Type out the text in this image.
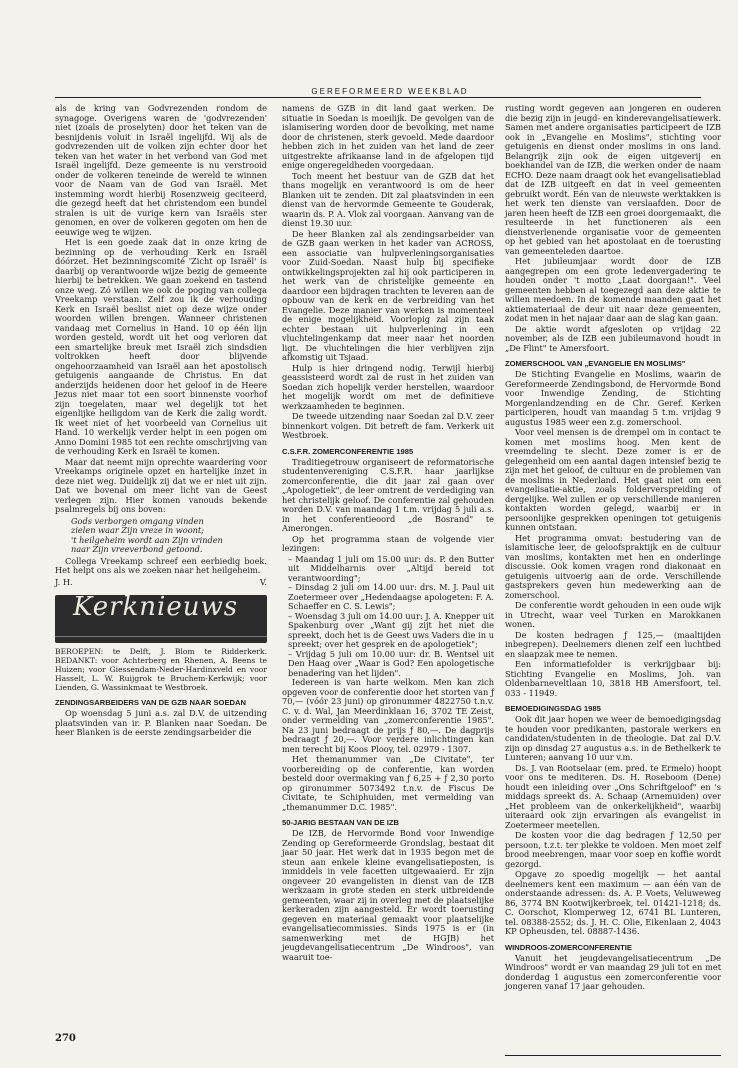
GEREFORMEERD WEEKBLAD

als de kring van Godvrezenden rondom de synagoge. Overigens waren de 'godvrezenden' niet (zoals de proselyten) door het teken van de besnijdenis voluit in Israël ingelijfd. Wij als de godvrezenden uit de volken zijn echter door het teken van het water in het verbond van God met Israël ingelijfd. Deze gemeente is nu verstrooid onder de volkeren teneinde de wereld te winnen voor de Naam van de God van Israël. Met instemming wordt hierbij Rosenzweig geciteerd, die gezegd heeft dat het christendom een bundel stralen is uit de vurige kern van Israëls ster genomen, en over de volkeren gegoten om hen de eeuwige weg te wijzen.

Het is een goede zaak dat in onze kring de bezinning op de verhouding Kerk en Israël dóórzet. Het bezinningscomité 'Zicht op Israël' is daarbij op verantwoorde wijze bezig de gemeente hierbij te betrekken. We gaan zoekend en tastend onze weg. Zó willen we ook de poging van collega Vreekamp verstaan. Zelf zou ik de verhouding Kerk en Israël beslist niet op deze wijze onder woorden willen brengen. Wanneer christenen vandaag met Cornelius in Hand. 10 op één lijn worden gesteld, wordt uit het oog verloren dat een smartelijke breuk met Israël zich sindsdien voltrokken heeft door blijvende ongehoorzaamheid van Israël aan het apostolisch getuigenis aangaande de Christus. En dat anderzijds heidenen door het geloof in de Heere Jezus niet maar tot een soort binnenste voorhof zijn toegelaten, maar wel degelijk tot het eigenlijke heiligdom van de Kerk die zalig wordt. Ik weet niet of het voorbeeld van Cornelius uit Hand. 10 werkelijk verder helpt in een pogen om Anno Domini 1985 tot een rechte omschrijving van de verhouding Kerk en Israël te komen.

Maar dat neemt mijn oprechte waardering voor Vreekamps originele opzet en hartelijke inzet in deze niet weg. Duidelijk zij dat we er niet uit zijn. Dat we bovenal om meer licht van de Geest verlegen zijn. Hier komen vanouds bekende psalmregels bij ons boven:

Gods verborgen omgang vinden
zielen waar Zijn vreze in woont;
't heilgeheim wordt aan Zijn vrinden
naar Zijn vreeverbond getoond.

Collega Vreekamp schreef een eerbiedig boek. Het helpt ons als we zoeken naar het heilgeheim.

J. H.	V.
Kerknieuws

BEROEPEN: te Delft, J. Blom te Ridderkerk. BEDANKT: voor Achterberg en Rhenen, A. Beens te Huizen; voor Giessendam-Neder-Hardinxveld en voor Hasselt, L. W. Ruijgrok te Bruchem-Kerkwijk; voor Lienden, G. Wassinkmaat te Westbroek.

ZENDINGSARBEIDERS VAN DE GZB NAAR SOEDAN

Op woensdag 5 juni a.s. zal D.V. de uitzending plaatsvinden van ir. P. Blanken naar Soedan. De heer Blanken is de eerste zendingsarbeider die

namens de GZB in dit land gaat werken. De situatie in Soedan is moeilijk. De gevolgen van de islamisering worden door de bevolking, met name door de christenen, sterk gevoeld. Mede daardoor hebben zich in het zuiden van het land de zeer uitgestrekte afrikaanse land in de afgelopen tijd enige ongeregeldheden voorgedaan.

Toch meent het bestuur van de GZB dat het thans mogelijk en verantwoord is om de heer Blanken uit te zenden. Dit zal plaatsvinden in een dienst van de hervormde Gemeente te Gouderak, waarin ds. P. A. Vlok zal voorgaan. Aanvang van de dienst 19.30 uur.

De heer Blanken zal als zendingsarbeider van de GZB gaan werken in het kader van ACROSS, een associatie van hulpverleningsorganisaties voor Zuid-Soedan. Naast hulp bij specifieke ontwikkelingsprojekten zal hij ook participeren in het werk van de christelijke gemeente en daardoor een bijdragen trachten te leveren aan de opbouw van de kerk en de verbreiding van het Evangelie. Deze manier van werken is momenteel de enige mogelijkheid. Voorlopig zal zijn taak echter bestaan uit hulpverlening in een vluchtelingenkamp dat meer naar het noorden ligt. De vluchtelingen die hier verblijven zijn afkomstig uit Tsjaad.

Hulp is hier dringend nodig. Terwijl hierbij geassisteerd wordt zal de rust in het zuiden van Soedan zich hopelijk verder herstellen, waardoor het mogelijk wordt om met de definitieve werkzaamheden te beginnen.

De tweede uitzending naar Soedan zal D.V. zeer binnenkort volgen. Dit betreft de fam. Verkerk uit Westbroek.

C.S.F.R. ZOMERCONFERENTIE 1985

Traditiegetrouw organiseert de reformatorische studentenvereniging C.S.F.R. haar jaarlijkse zomerconferentie, die dit jaar zal gaan over „Apologetiek", de leer omtrent de verdediging van het christelijk geloof. De conferentie zal gehouden worden D.V. van maandag 1 t.m. vrijdag 5 juli a.s. in het conferentieoord „de Bosrand" te Amerongen.

Op het programma staan de volgende vier lezingen:

– Maandag 1 juli om 15.00 uur: ds. P. den Butter uit Middelharnis over „Altijd bereid tot verantwoording";
– Dinsdag 2 juli om 14.00 uur: drs. M. J. Paul uit Zoetermeer over „Hedendaagse apologeten: F. A. Schaeffer en C. S. Lewis";
– Woensdag 3 juli om 14.00 uur: J. A. Knepper uit Spakenburg over „Want gij zijt het niet die spreekt, doch het is de Geest uws Vaders die in u spreekt; over het gesprek en de apologetiek";
– Vrijdag 5 juli om 10.00 uur: dr. B. Wentsel uit Den Haag over „Waar is God? Een apologetische benadering van het lijden".

Iedereen is van harte welkom. Men kan zich opgeven voor de conferentie door het storten van ƒ 70,— (vóór 23 juni) op gironummer 4822750 t.n.v. C. v. d. Wal, Jan Meerdinklaan 16, 3702 TE Zeist, onder vermelding van „zomerconferentie 1985". Na 23 juni bedraagt de prijs ƒ 80,—. De dagprijs bedraagt ƒ 20,—. Voor verdere inlichtingen kan men terecht bij Koos Plooy, tel. 02979 - 1307.

Het themanummer van „De Civitate", ter voorbereiding op de conferentie, kan worden besteld door overmaking van ƒ 6,25 + ƒ 2,30 porto op gironummer 5073492 t.n.v. de Fiscus De Civitate, te Schiphuiden, met vermelding van „themanummer D.C. 1985".

50-JARIG BESTAAN VAN DE IZB

De IZB, de Hervormde Bond voor Inwendige Zending op Gereformeerde Grondslag, bestaat dit jaar 50 jaar. Het werk dat in 1935 begon met de steun aan enkele kleine evangelisatieposten, is inmiddels in vele facetten uitgewaaierd. Er zijn ongeveer 20 evangelisten in dienst van de IZB werkzaam in grote steden en sterk uitbreidende gemeenten, waar zij in overleg met de plaatselijke kerkeraden zijn aangesteld. Er wordt toerusting gegeven en materiaal gemaakt voor plaatselijke evangelisatiecommissies. Sinds 1975 is er (in samenwerking met de HGJB) het jeugdevangelisatiecentrum „De Windroos", van waaruit toe-

rusting wordt gegeven aan jongeren en ouderen die bezig zijn in jeugd- en kinderevangelisatiewerk. Samen met andere organisaties participeert de IZB ook in „Evangelie en Moslims", stichting voor getuigenis en dienst onder moslims in ons land. Belangrijk zijn ook de eigen uitgeverij en boekhandel van de IZB, die werken onder de naam ECHO. Deze naam draagt ook het evangelisatieblad dat de IZB uitgeeft en dat in veel gemeenten gebruikt wordt. Eén van de nieuwste werktakken is het werk ten dienste van verslaafden. Door de jaren heen heeft de IZB een groei doorgemaakt, die resulteerde in het functioneren als een dienstverlenende organisatie voor de gemeenten op het gebied van het apostolaat en de toerusting van gemeenteleden daartoe.

Het jubileumjaar wordt door de IZB aangegrepen om een grote ledenvergadering te houden onder 't motto „Laat doorgaan!". Veel gemeenten hebben al toegezegd aan deze aktie te willen meedoen. In de komende maanden gaat het aktiemateriaal de deur uit naar deze gemeenten, zodat men in het najaar daar aan de slag kan gaan.

De aktie wordt afgesloten op vrijdag 22 november, als de IZB een jubileumavond houdt in „De Flint" te Amersfoort.

ZOMERSCHOOL VAN „EVANGELIE EN MOSLIMS"

De Stichting Evangelie en Moslims, waarin de Gereformeerde Zendingsbond, de Hervormde Bond voor Inwendige Zending, de Stichting Morgenlandzending en de Chr. Geref. Kerken participeren, houdt van maandag 5 t.m. vrijdag 9 augustus 1985 weer een z.g. zomerschool.

Voor veel mensen is de drempel om in contact te komen met moslims hoog. Men kent de vreemdeling te slecht. Deze zomer is er de gelegenheid om een aantal dagen intensief bezig te zijn met het geloof, de cultuur en de problemen van de moslims in Nederland. Het gaat niet om een evangelisatie-aktie, zoals folderverspreiding of dergelijke. Wel zullen er op verschillende manieren kontakten worden gelegd, waarbij er in persoonlijke gesprekken openingen tot getuigenis kunnen ontstaan.

Het programma omvat: bestudering van de islamitische leer, de geloofspraktijk en de cultuur van moslims, kontakten met hen en onderlinge discussie. Ook komen vragen rond diakonaat en getuigenis uitvoerig aan de orde. Verschillende gastsprekers geven hun medewerking aan de zomerschool.

De conferentie wordt gehouden in een oude wijk in Utrecht, waar veel Turken en Marokkanen wonen.

De kosten bedragen ƒ 125,— (maaltijden inbegrepen). Deelnemers dienen zelf een luchtbed en slaapzak mee te nemen.

Een informatiefolder is verkrijgbaar bij: Stichting Evangelie en Moslims, Joh. van Oldenbarneveltlaan 10, 3818 HB Amersfoort, tel. 033 - 11949.

BEMOEDIGINGSDAG 1985

Ook dit jaar hopen we weer de bemoedigingsdag te houden voor predikanten, pastorale werkers en candidaten/studenten in de theologie. Dat zal D.V. zijn op dinsdag 27 augustus a.s. in de Bethelkerk te Lunteren; aanvang 10 uur v.m.

Ds. J. van Rootselaar (em. pred. te Ermelo) hoopt voor ons te mediteren. Ds. H. Roseboom (Dene) houdt een inleiding over „Ons Schriftgeloof" en 's middags spreekt ds. A. Schaap (Arnemuiden) over „Het probleem van de onkerkelijkheid", waarbij uiteraard ook zijn ervaringen als evangelist in Zoetermeer meetellen.

De kosten voor die dag bedragen ƒ 12,50 per persoon, t.z.t. ter plekke te voldoen. Men moet zelf brood meebrengen, maar voor soep en koffie wordt gezorgd.

Opgave zo spoedig mogelijk — het aantal deelnemers kent een maximum — aan één van de onderstaande adressen: ds. A. P. Voets, Veluweweg 86, 3774 BN Kootwijkerbroek, tel. 01421-1218; ds. C. Oorschot, Klomperweg 12, 6741 BL Lunteren, tel. 08388-2552; ds. J. H. C. Olie, Eikenlaan 2, 4043 KP Opheusden, tel. 08887-1436.

WINDROOS-ZOMERCONFERENTIE

Vanuit het jeugdevangelisatiecentrum „De Windroos" wordt er van maandag 29 juli tot en met donderdag 1 augustus een zomerconferentie voor jongeren vanaf 17 jaar gehouden.

270
